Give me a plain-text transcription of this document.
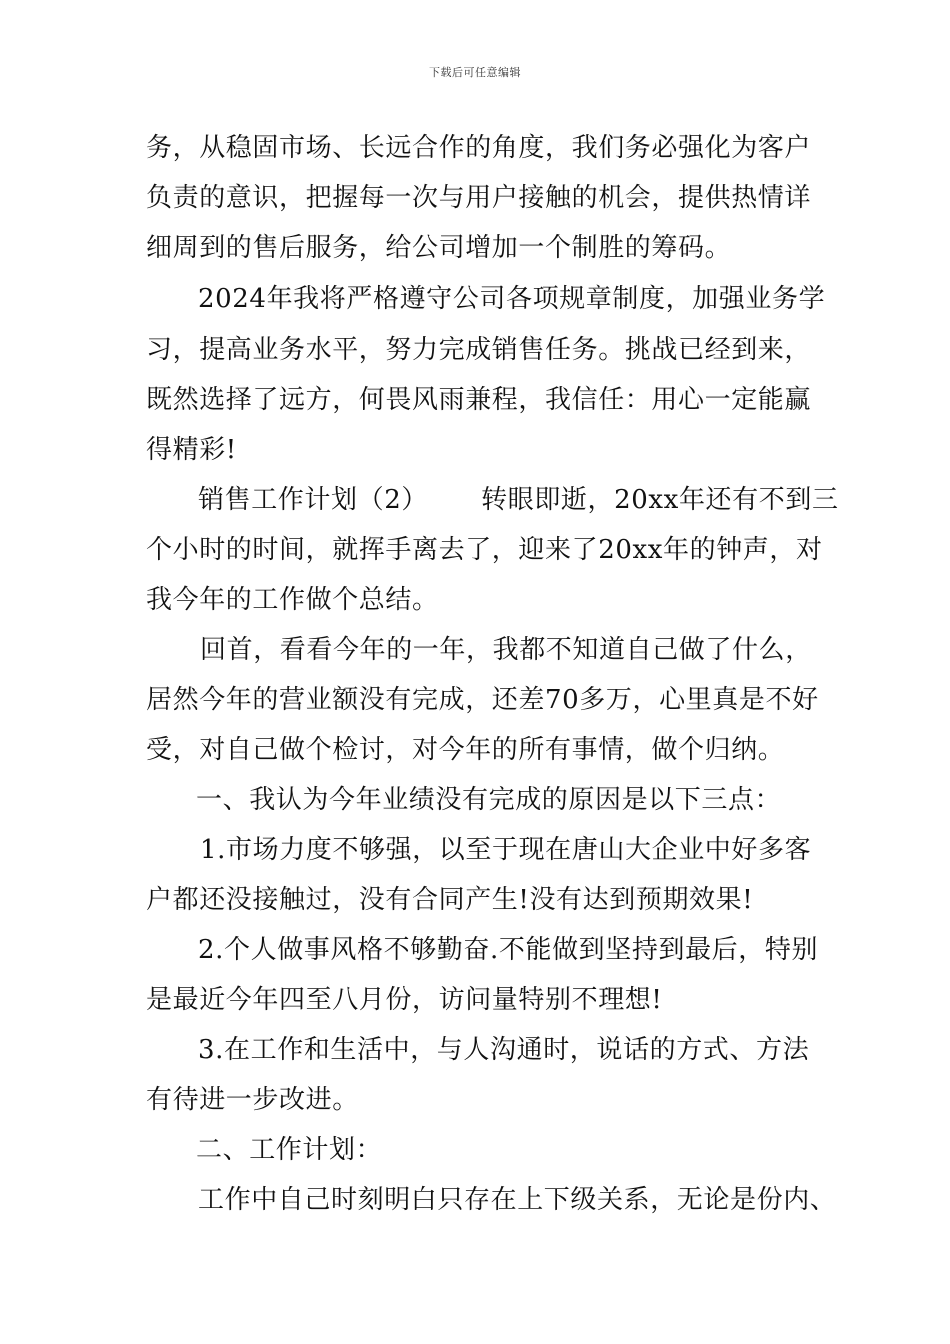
下载后可任意编辑
务，从稳固市场、长远合作的角度，我们务必强化为客户
负责的意识，把握每一次与用户接触的机会，提供热情详
细周到的售后服务，给公司增加一个制胜的筹码。
2024年我将严格遵守公司各项规章制度，加强业务学
习，提高业务水平，努力完成销售任务。挑战已经到来，
既然选择了远方，何畏风雨兼程，我信任：用心一定能赢
得精彩!
销售工作计划（2）      转眼即逝，20xx年还有不到三
个小时的时间，就挥手离去了，迎来了20xx年的钟声，对
我今年的工作做个总结。
回首，看看今年的一年，我都不知道自己做了什么，
居然今年的营业额没有完成，还差70多万，心里真是不好
受，对自己做个检讨，对今年的所有事情，做个归纳。
一、我认为今年业绩没有完成的原因是以下三点：
1.市场力度不够强，以至于现在唐山大企业中好多客
户都还没接触过，没有合同产生!没有达到预期效果!
2.个人做事风格不够勤奋.不能做到坚持到最后，特别
是最近今年四至八月份，访问量特别不理想!
3.在工作和生活中，与人沟通时，说话的方式、方法
有待进一步改进。
二、工作计划：
工作中自己时刻明白只存在上下级关系，无论是份内、
